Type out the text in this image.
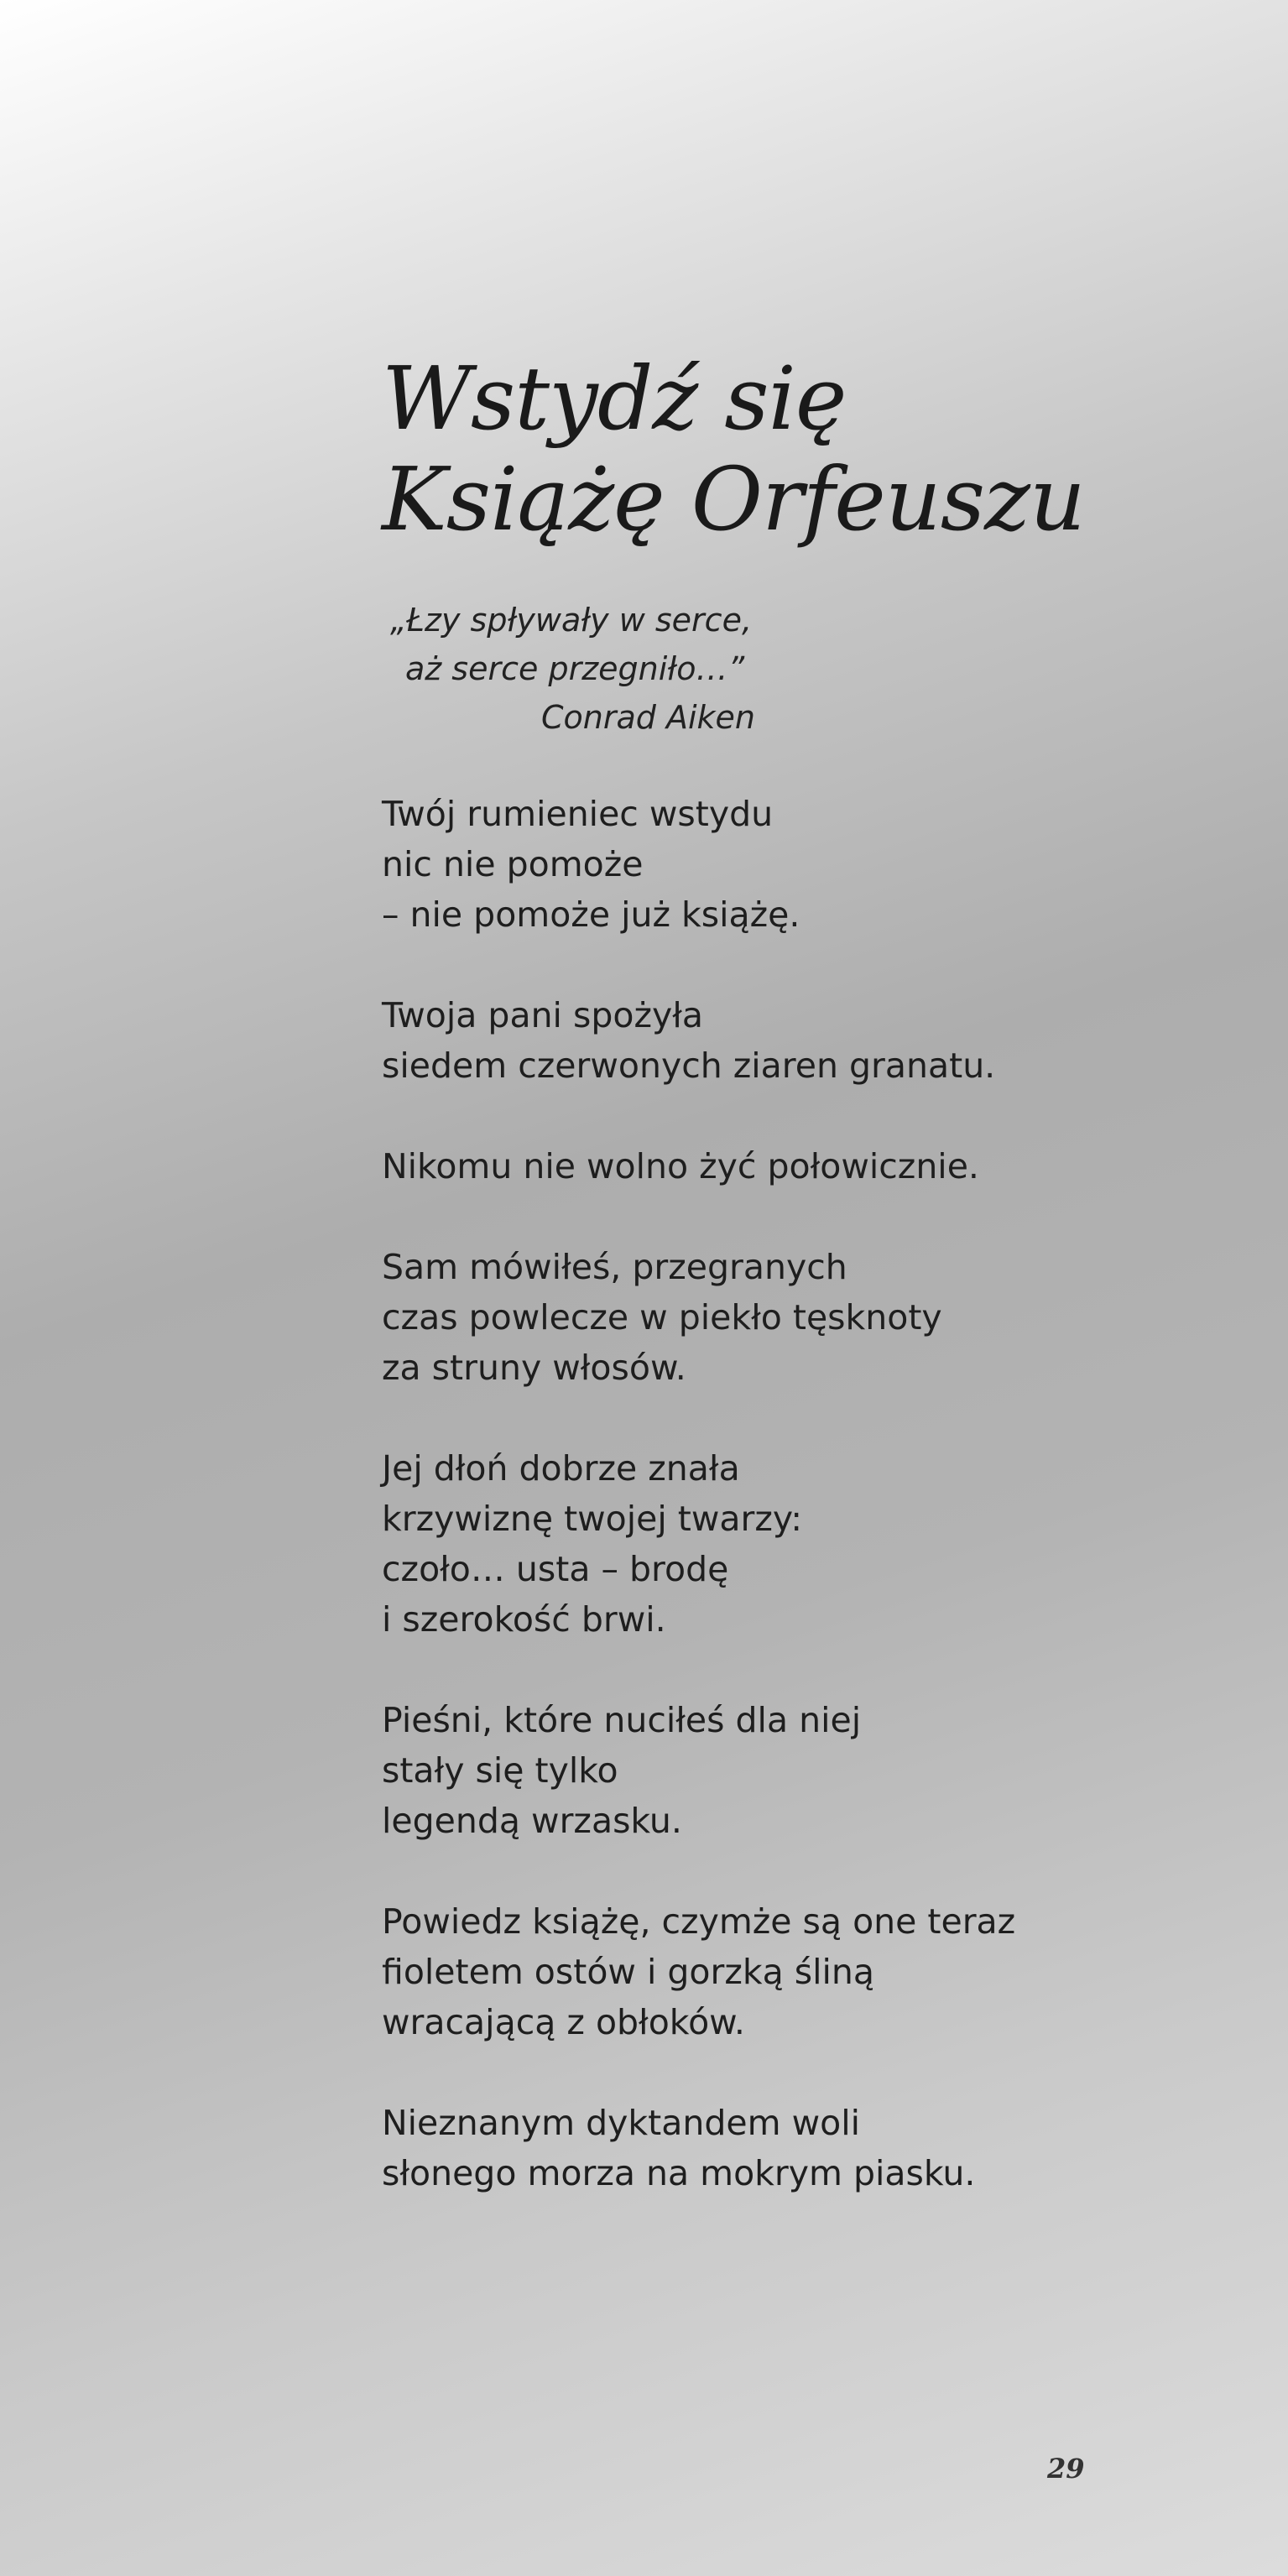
Wstydź się
Książę Orfeuszu
„Łzy spływały w serce,
aż serce przegniło…”
Conrad Aiken
Twój rumieniec wstydu
nic nie pomoże
– nie pomoże już książę.
Twoja pani spożyła
siedem czerwonych ziaren granatu.
Nikomu nie wolno żyć połowicznie.
Sam mówiłeś, przegranych
czas powlecze w piekło tęsknoty
za struny włosów.
Jej dłoń dobrze znała
krzywiznę twojej twarzy:
czoło… usta – brodę
i szerokość brwi.
Pieśni, które nuciłeś dla niej
stały się tylko
legendą wrzasku.
Powiedz książę, czymże są one teraz
fioletem ostów i gorzką śliną
wracającą z obłoków.
Nieznanym dyktandem woli
słonego morza na mokrym piasku.
29
